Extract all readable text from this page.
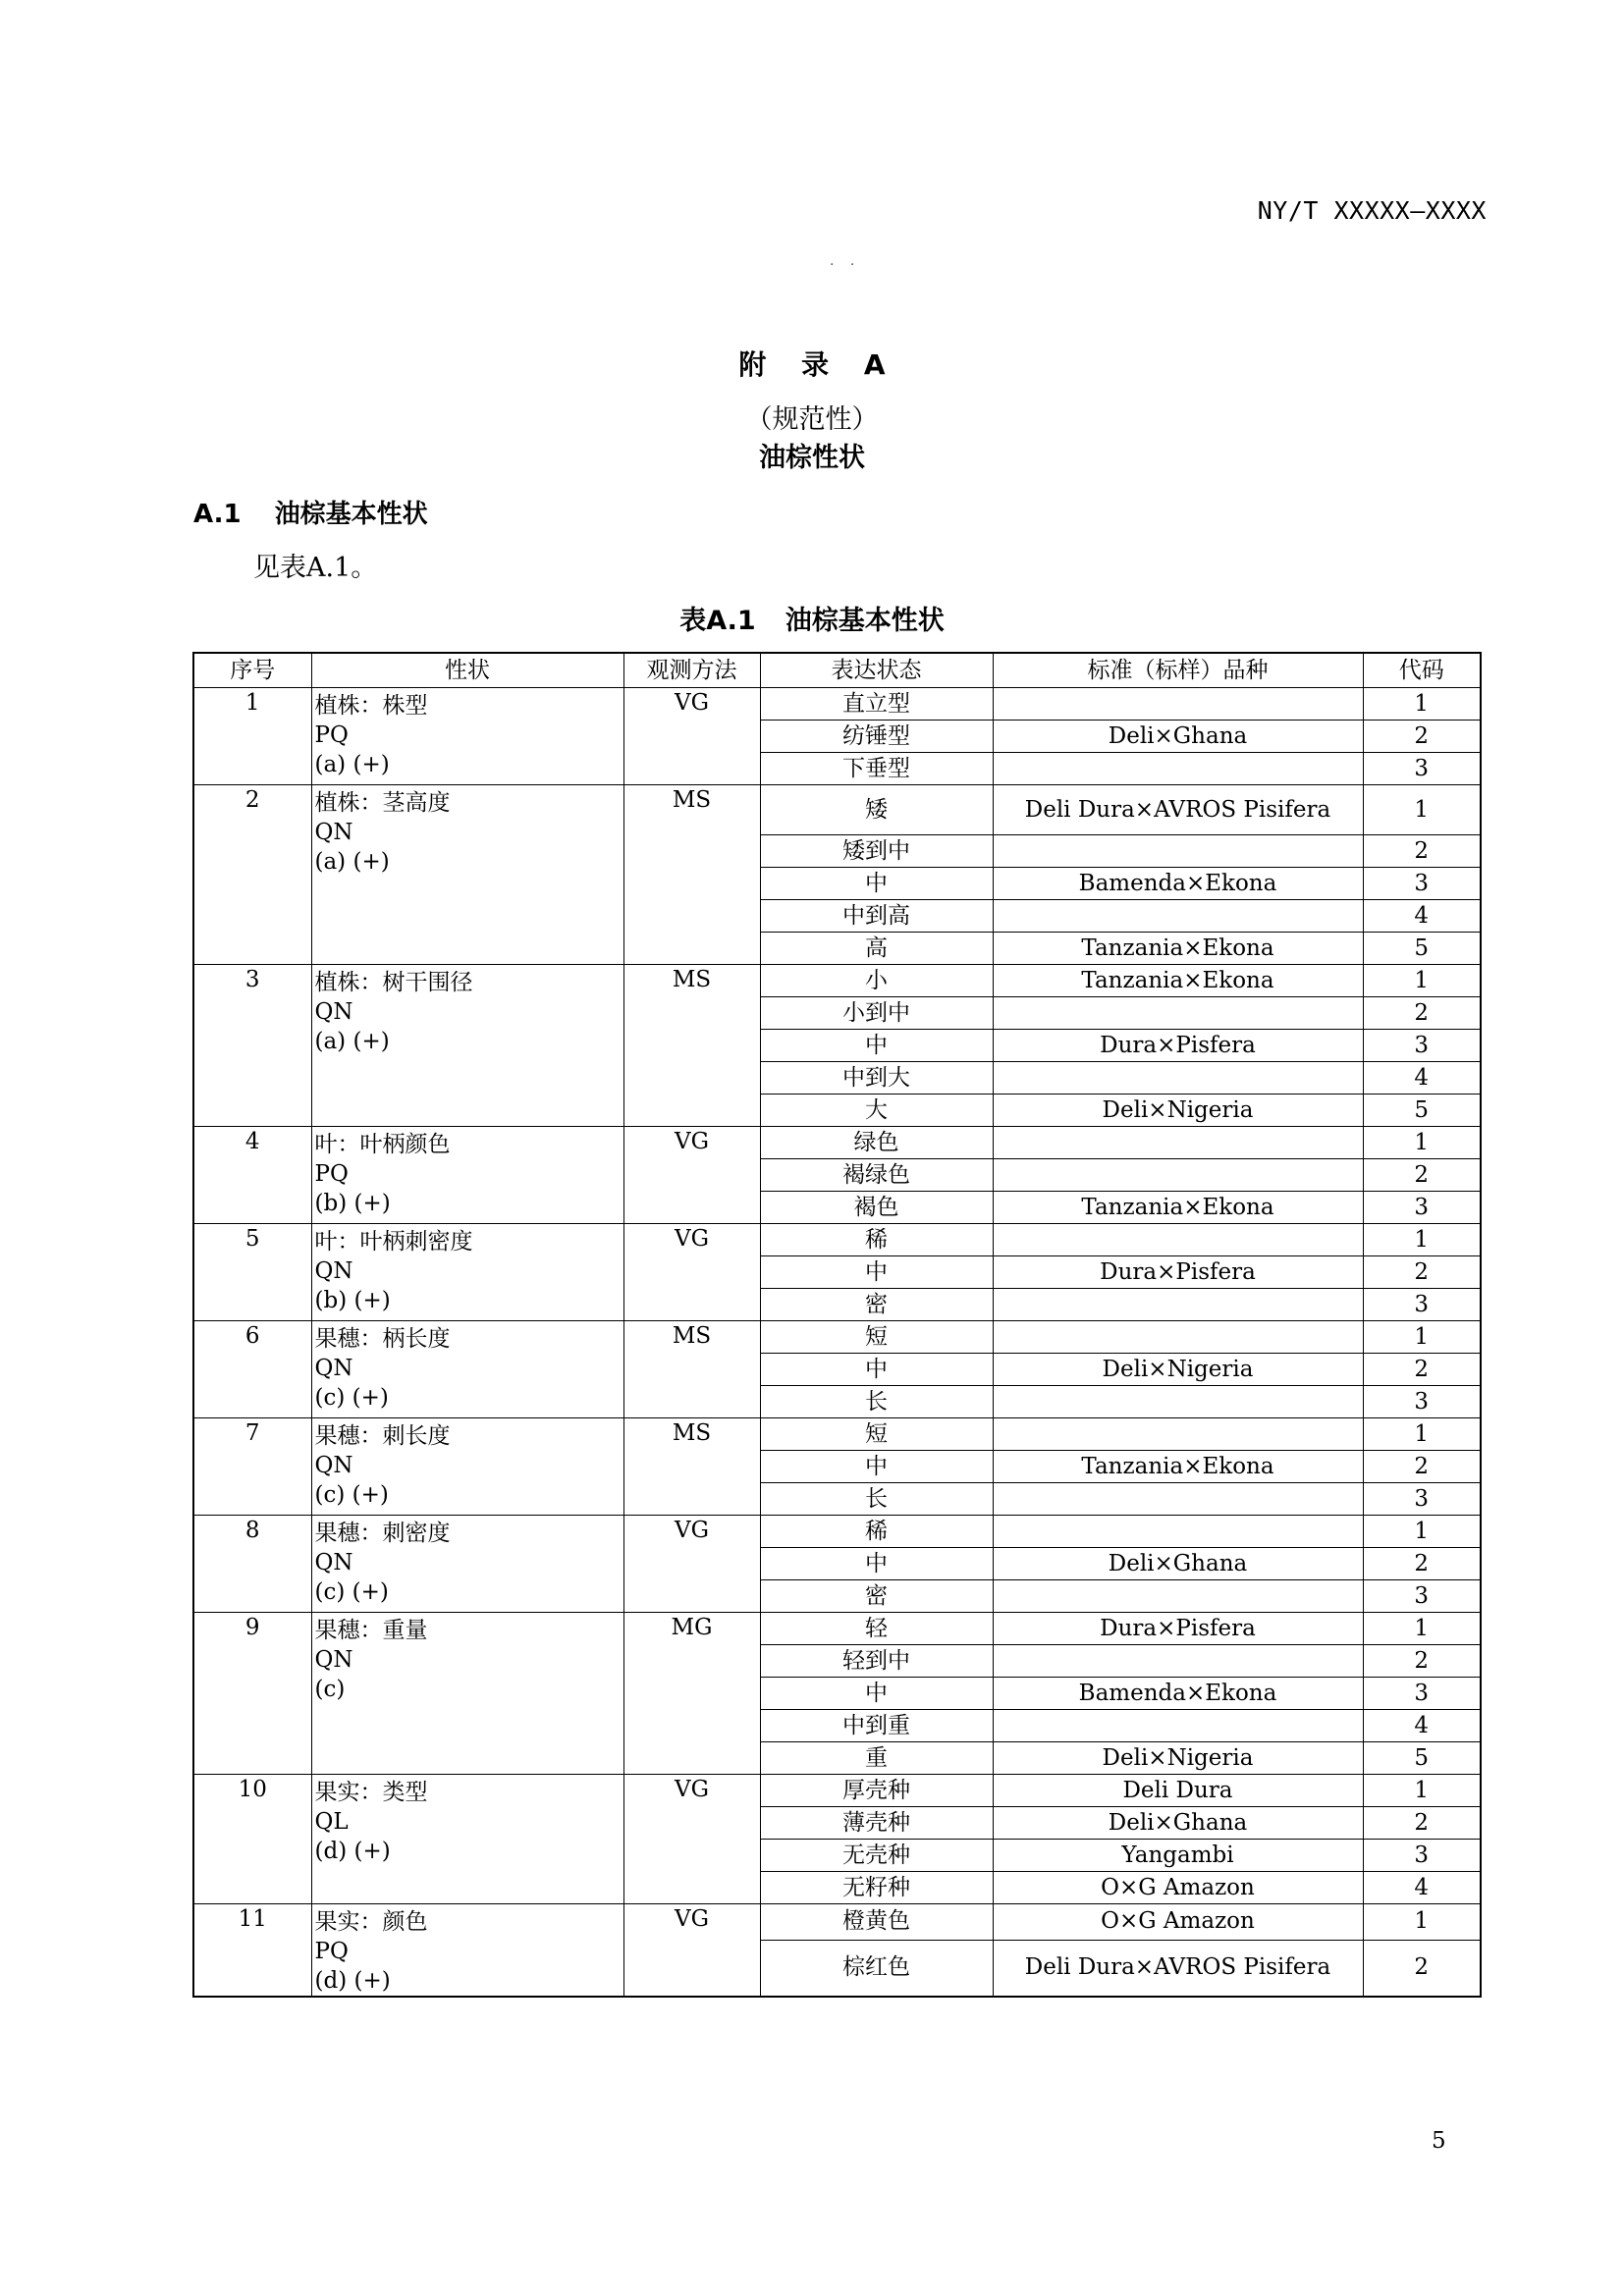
NY/T XXXXX—XXXX
. .
附 录 A
（规范性）
油棕性状
A.1 油棕基本性状
见表A.1。
表A.1 油棕基本性状
序号	性状	观测方法	表达状态	标准（标样）品种	代码
1	植株：株型
PQ
(a) (+)	VG	直立型		1
			纺锤型	Deli×Ghana	2
			下垂型		3
2	植株：茎高度
QN
(a) (+)	MS	矮	Deli Dura×AVROS Pisifera	1
			矮到中		2
			中	Bamenda×Ekona	3
			中到高		4
			高	Tanzania×Ekona	5
3	植株：树干围径
QN
(a) (+)	MS	小	Tanzania×Ekona	1
			小到中		2
			中	Dura×Pisfera	3
			中到大		4
			大	Deli×Nigeria	5
4	叶：叶柄颜色
PQ
(b) (+)	VG	绿色		1
			褐绿色		2
			褐色	Tanzania×Ekona	3
5	叶：叶柄刺密度
QN
(b) (+)	VG	稀		1
			中	Dura×Pisfera	2
			密		3
6	果穗：柄长度
QN
(c) (+)	MS	短		1
			中	Deli×Nigeria	2
			长		3
7	果穗：刺长度
QN
(c) (+)	MS	短		1
			中	Tanzania×Ekona	2
			长		3
8	果穗：刺密度
QN
(c) (+)	VG	稀		1
			中	Deli×Ghana	2
			密		3
9	果穗：重量
QN
(c)	MG	轻	Dura×Pisfera	1
			轻到中		2
			中	Bamenda×Ekona	3
			中到重		4
			重	Deli×Nigeria	5
10	果实：类型
QL
(d) (+)	VG	厚壳种	Deli Dura	1
			薄壳种	Deli×Ghana	2
			无壳种	Yangambi	3
			无籽种	O×G Amazon	4
11	果实：颜色
PQ
(d) (+)	VG	橙黄色	O×G Amazon	1
			棕红色	Deli Dura×AVROS Pisifera	2
5
